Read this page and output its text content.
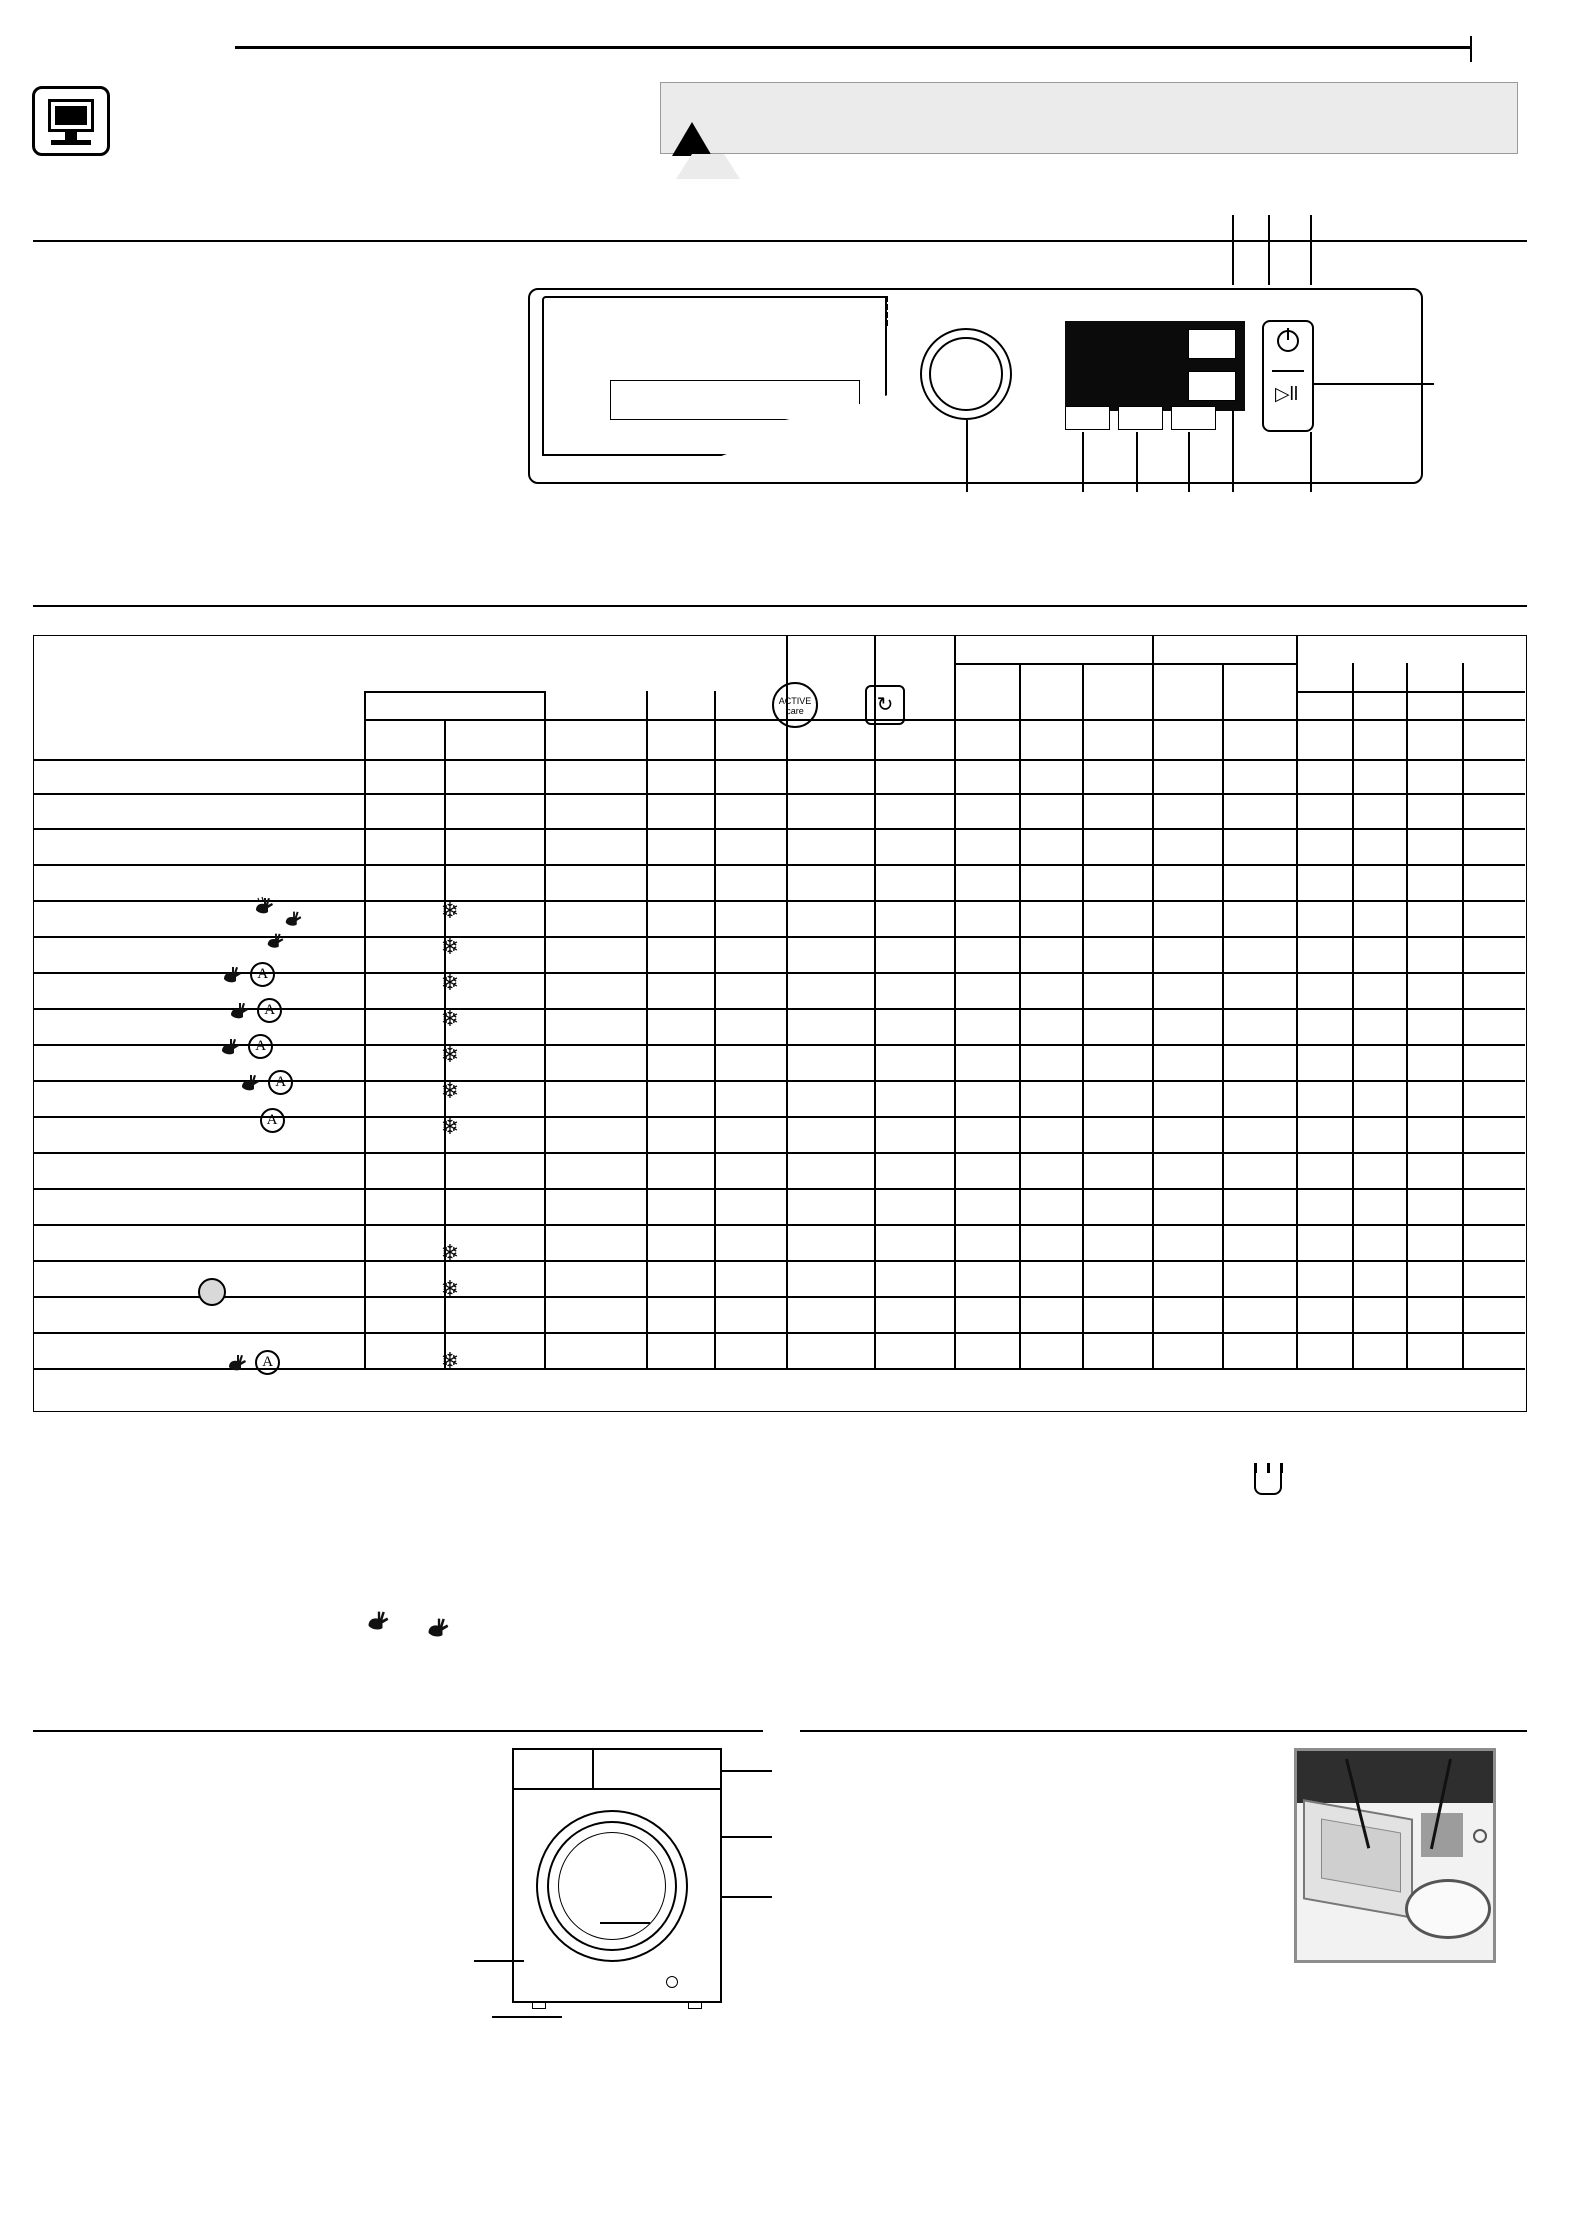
!
▷ll
ACTIVE
care	↻
A
A
A
A
A
A
❄
❄
❄
❄
❄
❄
❄
❄
❄
❄
